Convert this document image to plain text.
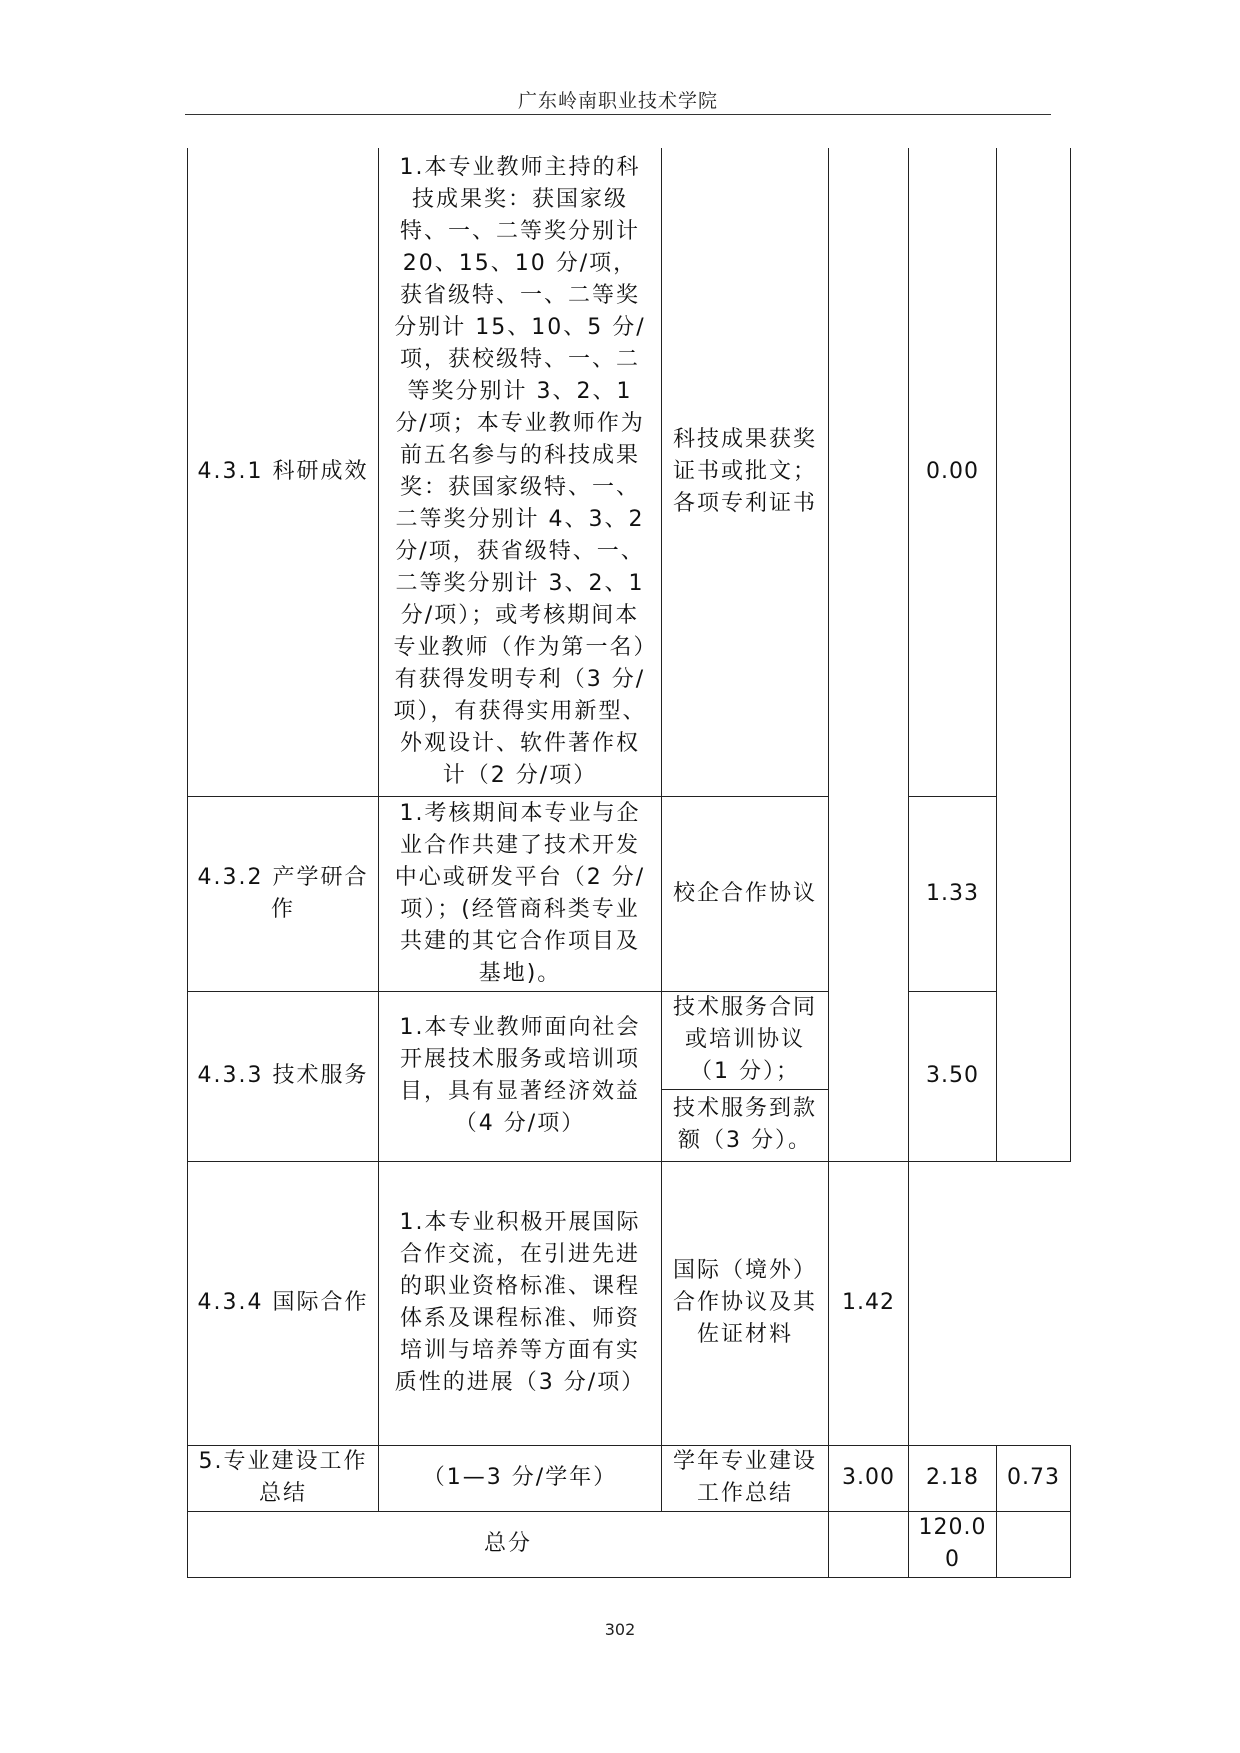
广东岭南职业技术学院
4.3.1 科研成效	1.本专业教师主持的科技成果奖：获国家级特、一、二等奖分别计 20、15、10 分/项，获省级特、一、二等奖分别计 15、10、5 分/项，获校级特、一、二等奖分别计 3、2、1 分/项；本专业教师作为前五名参与的科技成果奖：获国家级特、一、二等奖分别计 4、3、2 分/项，获省级特、一、二等奖分别计 3、2、1 分/项）；或考核期间本专业教师（作为第一名）有获得发明专利（3 分/项），有获得实用新型、外观设计、软件著作权计（2 分/项）	科技成果获奖证书或批文；各项专利证书		0.00	
4.3.2 产学研合作	1.考核期间本专业与企业合作共建了技术开发中心或研发平台（2 分/项）；(经管商科类专业共建的其它合作项目及基地)。	校企合作协议		1.33	
4.3.3 技术服务	1.本专业教师面向社会开展技术服务或培训项目，具有显著经济效益（4 分/项）	技术服务合同或培训协议（1 分）；		3.50	
		技术服务到款额（3 分）。			
4.3.4 国际合作	1.本专业积极开展国际合作交流，在引进先进的职业资格标准、课程体系及课程标准、师资培训与培养等方面有实质性的进展（3 分/项）	国际（境外）合作协议及其佐证材料	1.42		
5.专业建设工作总结	（1—3 分/学年）	学年专业建设工作总结	3.00	2.18	0.73
总分				120.00	
302
